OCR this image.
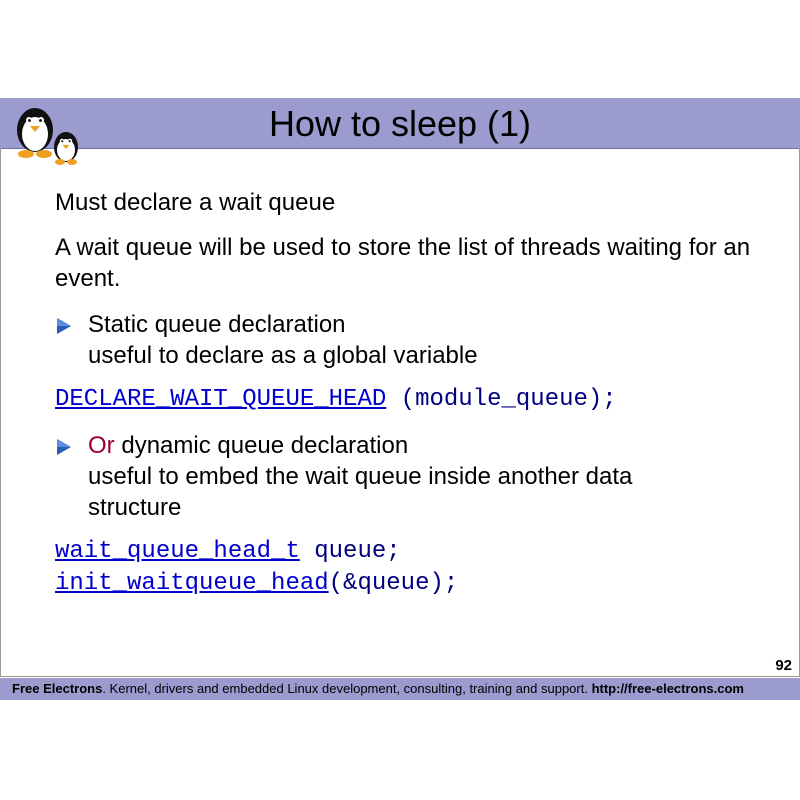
How to sleep (1)
Must declare a wait queue
A wait queue will be used to store the list of threads waiting for an event.
Static queue declaration
useful to declare as a global variable
DECLARE_WAIT_QUEUE_HEAD (module_queue);
Or dynamic queue declaration
useful to embed the wait queue inside another data
structure
wait_queue_head_t queue;
init_waitqueue_head(&queue);
92
Free Electrons. Kernel, drivers and embedded Linux development, consulting, training and support. http://free-electrons.com
